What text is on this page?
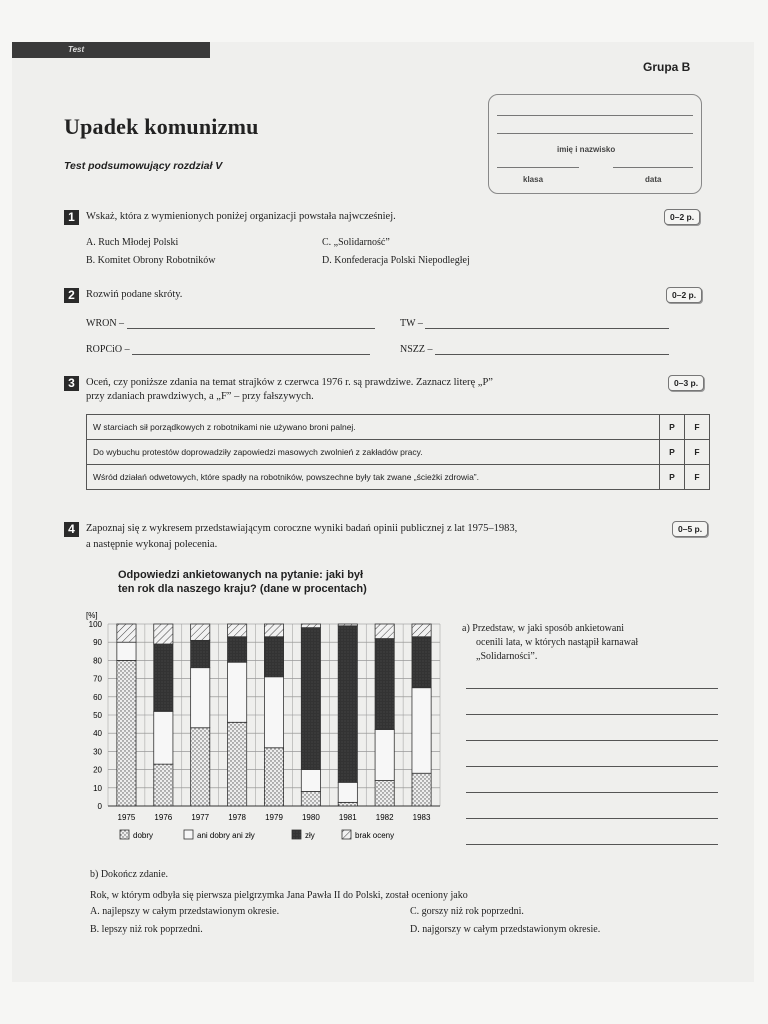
Test
Grupa B
Upadek komunizmu
Test podsumowujący rozdział V
imię i nazwisko
klasa	data
1	Wskaż, która z wymienionych poniżej organizacji powstała najwcześniej.	0–2 p.
A. Ruch Młodej Polski
B. Komitet Obrony Robotników
C. „Solidarność”
D. Konfederacja Polski Niepodległej
2	Rozwiń podane skróty.	0–2 p.
WRON –	TW –
ROPCiO –	NSZZ –
3	Oceń, czy poniższe zdania na temat strajków z czerwca 1976 r. są prawdziwe. Zaznacz literę „P”
przy zdaniach prawdziwych, a „F” – przy fałszywych.
0–3 p.
W starciach sił porządkowych z robotnikami nie używano broni palnej.	P	F
Do wybuchu protestów doprowadziły zapowiedzi masowych zwolnień z zakładów pracy.	P	F
Wśród działań odwetowych, które spadły na robotników, powszechne były tak zwane „ścieżki zdrowia”.	P	F
4	Zapoznaj się z wykresem przedstawiającym coroczne wyniki badań opinii publicznej z lat 1975–1983,
a następnie wykonaj polecenia.
0–5 p.
Odpowiedzi ankietowanych na pytanie: jaki był
ten rok dla naszego kraju? (dane w procentach)
[%]
0
10
20
30
40
50
60
70
80
90
100
1975 1976 1977 1978 1979 1980 1981 1982 1983
dobry	ani dobry ani zły	zły	brak oceny
a) Przedstaw, w jaki sposób ankietowani
ocenili lata, w których nastąpił karnawał
„Solidarności”.
b) Dokończ zdanie.
Rok, w którym odbyła się pierwsza pielgrzymka Jana Pawła II do Polski, został oceniony jako
A. najlepszy w całym przedstawionym okresie.
B. lepszy niż rok poprzedni.
C. gorszy niż rok poprzedni.
D. najgorszy w całym przedstawionym okresie.
